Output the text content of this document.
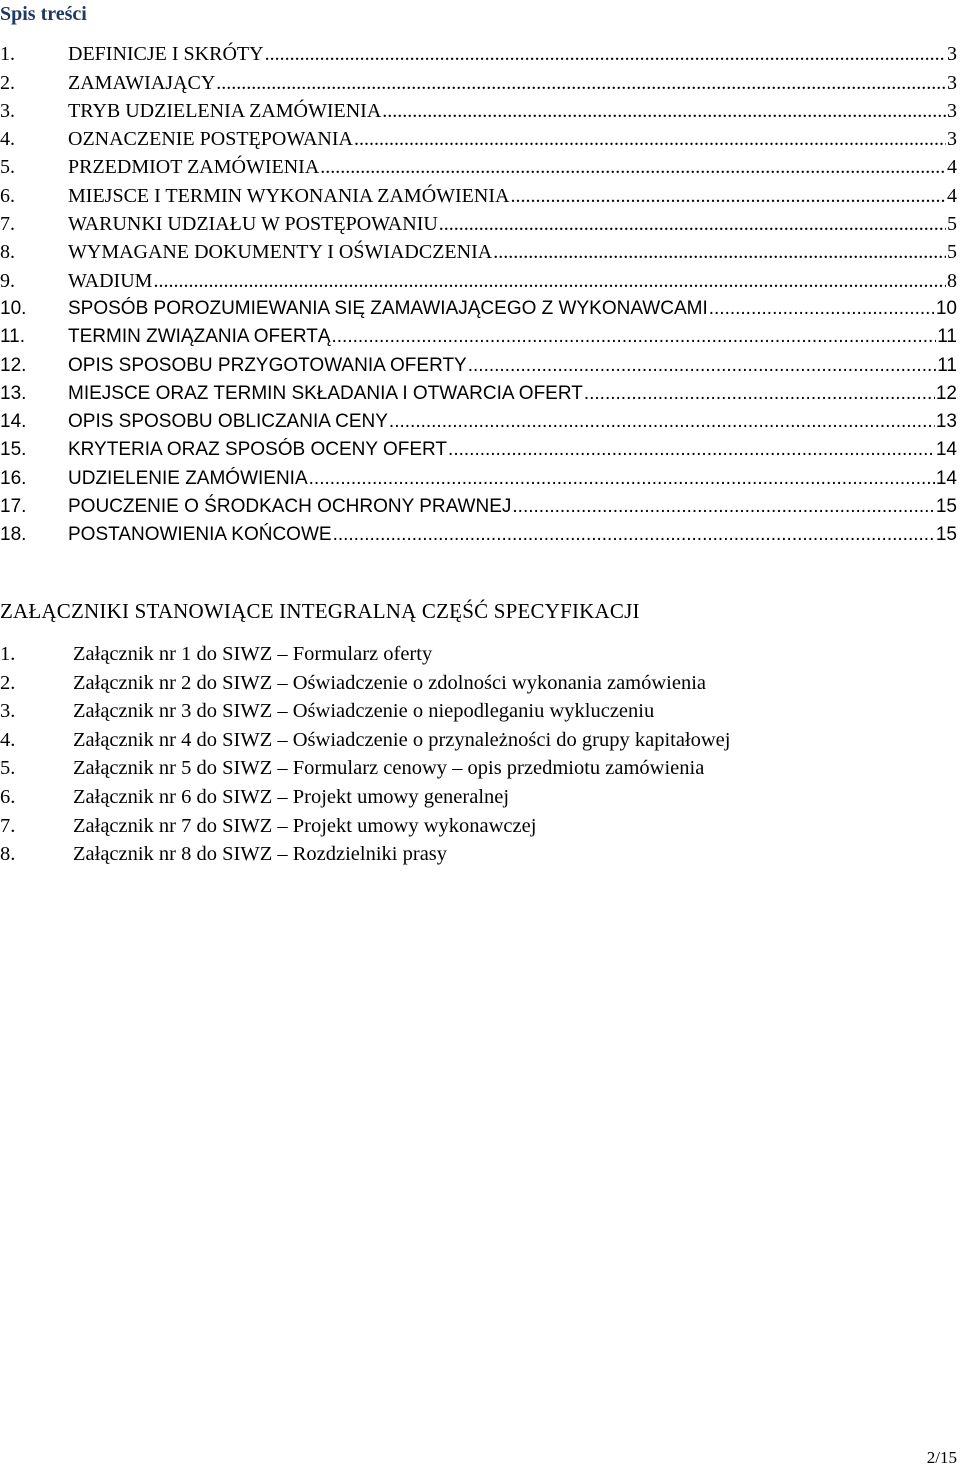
Spis treści
1.	DEFINICJE I SKRÓTY .....	3
2.	ZAMAWIAJĄCY .....	3
3.	TRYB UDZIELENIA ZAMÓWIENIA .....	3
4.	OZNACZENIE POSTĘPOWANIA .....	3
5.	PRZEDMIOT ZAMÓWIENIA .....	4
6.	MIEJSCE I TERMIN WYKONANIA ZAMÓWIENIA .....	4
7.	WARUNKI UDZIAŁU W POSTĘPOWANIU .....	5
8.	WYMAGANE DOKUMENTY I OŚWIADCZENIA .....	5
9.	WADIUM .....	8
10.	SPOSÓB POROZUMIEWANIA SIĘ ZAMAWIAJĄCEGO Z WYKONAWCAMI .....	10
11.	TERMIN ZWIĄZANIA OFERTĄ .....	11
12.	OPIS SPOSOBU PRZYGOTOWANIA OFERTY .....	11
13.	MIEJSCE ORAZ TERMIN SKŁADANIA I OTWARCIA OFERT .....	12
14.	OPIS SPOSOBU OBLICZANIA CENY .....	13
15.	KRYTERIA ORAZ SPOSÓB OCENY OFERT .....	14
16.	UDZIELENIE ZAMÓWIENIA .....	14
17.	POUCZENIE O ŚRODKACH OCHRONY PRAWNEJ .....	15
18.	POSTANOWIENIA KOŃCOWE .....	15
ZAŁĄCZNIKI STANOWIĄCE INTEGRALNĄ CZĘŚĆ SPECYFIKACJI
1.	Załącznik nr 1 do SIWZ – Formularz oferty
2.	Załącznik nr 2 do SIWZ – Oświadczenie o zdolności wykonania zamówienia
3.	Załącznik nr 3 do SIWZ – Oświadczenie o niepodleganiu wykluczeniu
4.	Załącznik nr 4 do SIWZ – Oświadczenie o przynależności do grupy kapitałowej
5.	Załącznik nr 5 do SIWZ – Formularz cenowy – opis przedmiotu zamówienia
6.	Załącznik nr 6 do SIWZ – Projekt umowy generalnej
7.	Załącznik nr 7 do SIWZ – Projekt umowy wykonawczej
8.	Załącznik nr 8 do SIWZ – Rozdzielniki prasy
2/15
